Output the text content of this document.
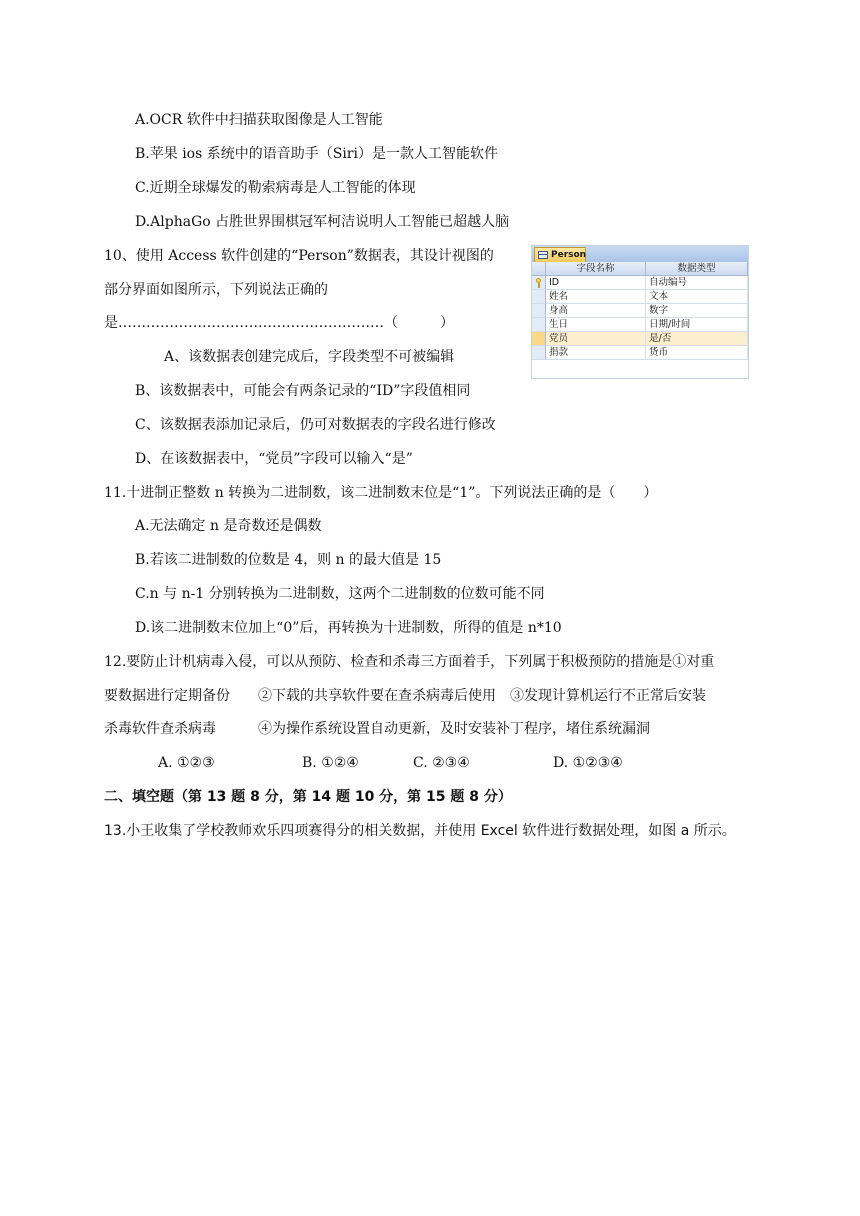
A.OCR 软件中扫描获取图像是人工智能
B.苹果 ios 系统中的语音助手（Siri）是一款人工智能软件
C.近期全球爆发的勒索病毒是人工智能的体现
D.AlphaGo 占胜世界围棋冠军柯洁说明人工智能已超越人脑
10、使用 Access 软件创建的“Person”数据表，其设计视图的
部分界面如图所示，下列说法正确的
是…………………………………………………（　　　）
A、该数据表创建完成后，字段类型不可被编辑
B、该数据表中，可能会有两条记录的“ID”字段值相同
C、该数据表添加记录后，仍可对数据表的字段名进行修改
D、在该数据表中，“党员”字段可以输入“是”
Person
字段名称	数据类型
ID	自动编号
姓名	文本
身高	数字
生日	日期/时间
党员	是/否
捐款	货币
11.十进制正整数 n 转换为二进制数，该二进制数末位是“1”。下列说法正确的是（　　）
A.无法确定 n 是奇数还是偶数
B.若该二进制数的位数是 4，则 n 的最大值是 15
C.n 与 n-1 分别转换为二进制数，这两个二进制数的位数可能不同
D.该二进制数末位加上“0”后，再转换为十进制数，所得的值是 n*10
12.要防止计机病毒入侵，可以从预防、检查和杀毒三方面着手，下列属于积极预防的措施是①对重
要数据进行定期备份　　②下载的共享软件要在查杀病毒后使用　③发现计算机运行不正常后安装
杀毒软件查杀病毒　　　④为操作系统设置自动更新，及时安装补丁程序，堵住系统漏洞
A. ①②③	B. ①②④	C. ②③④	D. ①②③④
二、填空题（第 13 题 8 分，第 14 题 10 分，第 15 题 8 分）
13.小王收集了学校教师欢乐四项赛得分的相关数据，并使用 Excel 软件进行数据处理，如图 a 所示。
